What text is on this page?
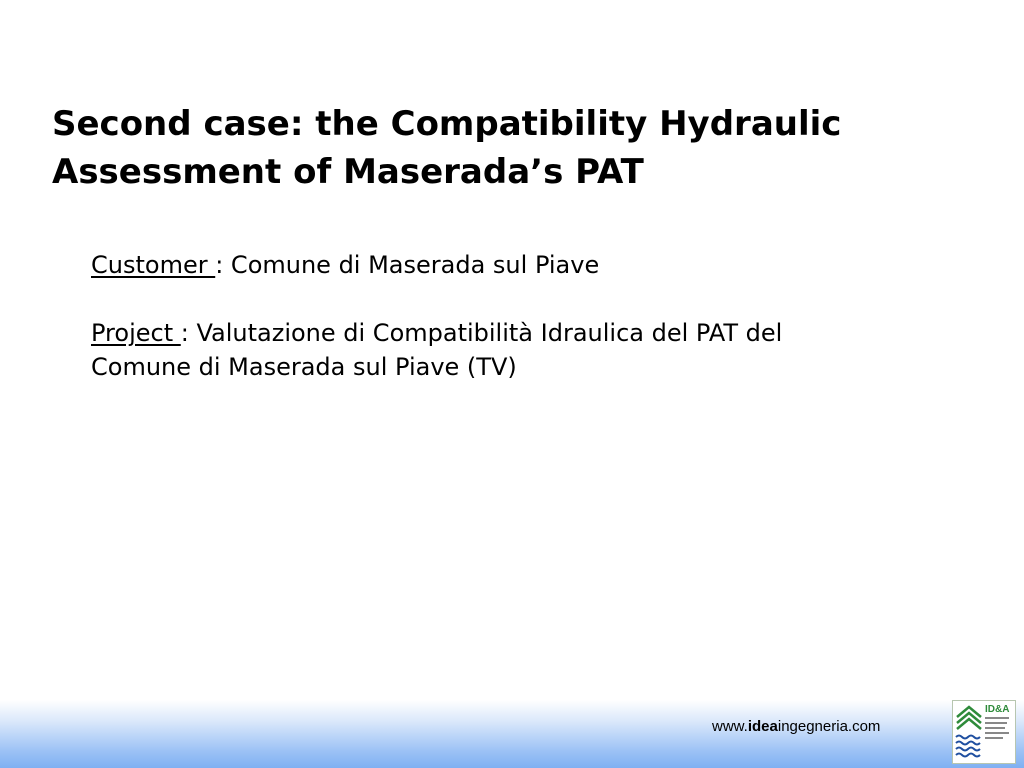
Second case: the Compatibility Hydraulic
Assessment of Maserada’s PAT

Customer : Comune di Maserada sul Piave

Project : Valutazione di Compatibilità Idraulica del PAT del
Comune di Maserada sul Piave (TV)

www.ideaingegneria.com
ID&A
